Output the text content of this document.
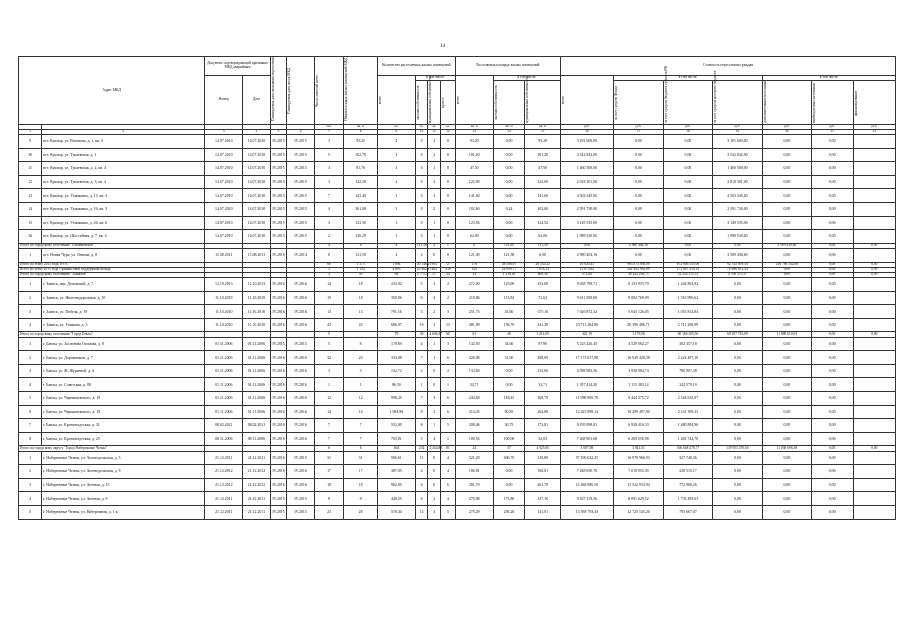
14
Адрес МКД		Документ, подтверждающий признание МКД аварийным		Планируемая дата окончания переселения	Планируемая дата сноса МКД	Число жителей всего	Общая площадь жилых помещений МКД	Количество расселяемых жилых помещений				Расселяемая площадь жилых помещений			Стоимость переселения граждан						
		Номер	Дата					всего	в том числе:			всего	в том числе:		всего	в том числе:			в том числе:		

									частная собственность	муниципальная собственность	прочее		частная собственность	муниципальная собственность		за счет средств Фонда	за счет средств бюджета субъекта РФ	за счет средств местного бюджета	дополнительные источники	внебюджетные источники	финансирование

						чел.	кв. м	ед.	ед.	ед.	ед.	кв. м	кв. м	кв. м	руб.	руб.	руб.	руб.	руб.	руб.	руб.
1	2	3	4	5	6	7	8	9	10	11	12	13	14	15	16	17	18	19	20	21	22
9	пгт. Кукмор, ул. Ватанова, д. 1, кв. 4	14.07.2010	14.07.2010	IV.2015	IV.2015	3	93,20	2	0	2	0	93,20	0,00	93,20	3 181 600,00	0,00	0,00	3 181 600,00	0,00	0,00	
10	пгт. Кукмор, ул. Тукаевская, д. 1	14.07.2010	14.07.2010	IV.2015	IV.2015	5	102,70	2	0	2	0	101,20	0,00	101,20	3 542 842,00	0,00	0,00	3 542 842,00	0,00	0,00	
11	пгт. Кукмор, ул. Тукаевская, д. 2, кв. 4	14.07.2010	14.07.2010	IV.2015	IV.2015	3	81,76	1	0	1	0	47,50	0,00	47,50	1 460 500,00	0,00	0,00	1 460 500,00	0,00	0,00	
12	пгт. Кукмор, ул. Тукаевская, д. 3, кв. 4	14.07.2010	14.07.2010	IV.2015	IV.2015	3	122,30	2	0	2	0	122,00	0,00	122,00	2 018 301,00	0,00	0,00	2 018 301,00	0,00	0,00	
13	пгт. Кукмор, ул. Ухмаковка, д. 13, кв. 4	14.07.2010	14.07.2010	IV.2015	IV.2015	7	141,49	3	0	3	0	141,60	0,00	141,60	4 503 345,00	0,00	0,00	4 503 345,00	0,00	0,00	
14	пгт. Кукмор, ул. Ухмаковка, д. 16, кв. 3	14.07.2010	14.07.2010	IV.2015	IV.2015	4	361,08	1	0	2	0	102,60	0,24	102,60	2 591 730,00	0,00	0,00	2 591 730,00	0,00	0,00	
15	пгт. Кукмор, ул. Ухмаковка, д. 26, кв. 6	14.07.2010	14.07.2010	IV.2015	IV.2015	3	123,30	1	0	1	0	123,56	0,00	124,52	3 149 535,00	0,00	0,00	3 149 535,00	0,00	0,00	
16	пгт. Кукмор, ул. Шоссейная, д. 7, кв. 4	14.07.2010	14.07.2010	IV.2015	IV.2015	2	136,29	1	0	1	0	62,00	0,00	62,00	1 988 530,00	0,00	0,00	1 988 530,00	0,00	0,00	
Итого по городскому поселению "Шеменевское"						4	6	4	121,58	2	1	0	121,00	121,58	0,00	2 980 404,16	0,00	0,00	3 589 430,60	0,00	0,00
1	пгт. Новая Чура, ул. Ленина, д. 8	15.08.2011	15.08.2011	IV.2016	IV.2014	8	121,58	2	2	0	0	121,00	121,58	0,00	2 980 404,16	0,00	0,00	3 589 430,60	0,00	0,00	
Итого по этапу 2015 года, в т.ч.:						60	1 375	1 894	30 146,21	903	727	176	38 508,07	29 535,22	10 020,41	985 373 950,00	672 946 535,00	92 743 659,34	216 786 542,00	0,00	0,00
Всего по этапу 2015 года с финансовой поддержкой Фонда						3	1 154	4 895	25 962,47	463	336	125	24 099,77	7 076,13	15 673,62	241 843 992,89	173 947 210,15	72 896 012,34	0,00	0,00	0,00
Итого по городскому поселению "Заинское"						3	30	64	2 775,57	57	34	23	1 218,20	609,30	573,80	40 242 294,71	32 354 115,51	4 708 375,57	0,00	0,00	0,00
1	г. Заинск, пер. Деповский, д. 7	12.10.2013	12.10.2013	IV.2016	IV.2016	14	18	233,92	5	3	2	272,00	119,00	153,00	9 638 789,71	8 133 955,79	1 244 803,92	0,00	0,00	0,00	
2	г. Заинск, ул. Железнодорожная, д. 10	11.10.2019	11.10.2019	IV.2016	IV.2016	19	18	350,06	6	4	2	218,86	113,92	72,63	9 611 959,00	8 094 769,09	1 516 990,62	0,00	0,00	0,00	
3	г. Заинск, ул. Побеля, д. 19	11.10.2010	11.10.2010	IV.2016	IV.2016	13	13	791,16	3	2	3	251,73	43,60	-371,01	7 026 872,32	5 643 126,05	1 053 814,84	0,00	0,00	0,00	
4	г. Заинск, ул. Ушакова, д. 3	11.10.2010	11.10.2010	IV.2016	IV.2016	43	43	686,97	16	3	13	481,99	136,70	341,20	23 711 284,86	20 396 486,71	2 711 260,98	0,00	0,00	0,00	
Итого по городскому поселению "Город Бавлы"						9		78	30	4 606,37	88	61	28	1 414,09	425,19	1 179,08	60 166 205,50	60 107 745,09	11 888 610,03	0,00	0,00
1	г. Бавлы, ул. Заслонова Осипова, д. 8	01.11.2006	01.11.2006	IV.2015	IV.2015	5	8	170,69	4	1	3	132,50	34,60	97,90	5 225 426,45	4 529 062,27	302 357,18	0,00	0,00	0,00	
2	г. Бавлы, ул. Дорожников, д. 7	01.11.2006	01.11.2006	IV.2016	IV.2016	32	20	333,08	7	1	6	326,08	31,00	298,09	17 173 817,88	16 949 428,38	2 224 497,18	0,00	0,00	0,00	
3	г. Бавлы, ул. Ж. Жураевой, д. 4	01.11.2006	01.11.2006	IV.2016	IV.2016	3	3	152,72	2	0	2	133,60	0,00	133,60	4 598 983,56	3 830 984,74	786 907,38	0,00	0,00	0,00	
4	г. Бавлы, ул. Советская, д. 88	01.11.2006	01.11.2006	IV.2016	IV.2016	1	1	86,50	1	0	1	32,71	0,00	32,71	1 357 414,20	1 115 383,14	242 579,10	0,00	0,00	0,00	
5	г. Бавлы, ул. Чернышевского, д. 19	01.11.2006	01.11.2006	IV.2016	IV.2016	12	12	998,20	7	3	6	244,69	118,45	168,79	11 988 900,78	9 444 275,72	2 544 616,97	0,00	0,00	0,00	
6	г. Бавлы, ул. Чернышевского, д. 19	01.11.2006	01.11.2006	IV.2016	IV.2016	14	14	1 084,98	8	2	6	314,45	90,85	264,80	12 425 898,14	10 299 497,90	2 141 399,35	0,00	0,00	0,00	
7	г. Бавлы, ул. Кронштадтская, д. 31	08.02.2011	08.02.2011	IV.2016	IV.2016	7	7	552,00	6	1	5	208,46	30,75	173,81	8 195 898,81	6 928 416,33	1 480 894,96	0,00	0,00	0,00	
8	г. Бавлы, ул. Кронштадтская, д. 25	08.11.2006	08.11.2006	IV.2016	IV.2016	7	7	763,81	5	4	1	108,56	100,00	32,83	7 268 901,68	6 269 556,98	1 263 744,70	0,00	0,00	0,00	
Итого по городскому округу "Город Набережные Челны"						6	6	364	254	5 434,88	81	24	57	4 925,65	1 087,08	3 841,51	166 648 478,77	139 953 470,65	11 038 696,38	0,00	0,00
1	г. Набережные Челны, ул. Зеленодольская, д. 5	21.12.2011	21.12.2011	IV.2016	IV.2015	31	31	566,61	11	0	4	321,20	406,70	129,80	57 190 632,25	16 978 966,93	327 740,36	0,00	0,00	0,00	
2	г. Набережные Челны, ул. Зеленодольская, д. 9	21.12.2012	21.12.2012	IV.2016	IV.2016	17	17	387,05	4	0	4	186,81	0,00	186,81	7 248 650,70	7 019 955,39	228 515,17	0,00	0,00	0,00	
3	г. Набережные Челны, ул. Зеленая, д. 13	21.12.2012	21.12.2012	IV.2016	IV.2016	18	18	962,00	6	0	6	281,70	0,00	261,70	14 468 886,50	13 532 933,94	772 960,26	0,00	0,00	0,00	
4	г. Набережные Челны, ул. Зеленая, д. 9	21.12.2011	21.12.2011	IV.2015	IV.2015	8	8	449,55	6	2	4	270,98	173,80	147,10	9 827 119,56	8 091 629,52	1 735 499,63	0,00	0,00	0,00	
5	г. Набережные Челны, ул. Набережная, д. 1 к	21.12.2011	21.12.2011	IV.2015	IV.2015	23	28	518,44	14	3	5	275,29	256,26	141,01	13 958 793,43	12 725 145,20	793 667,07	0,00	0,00	0,00	
